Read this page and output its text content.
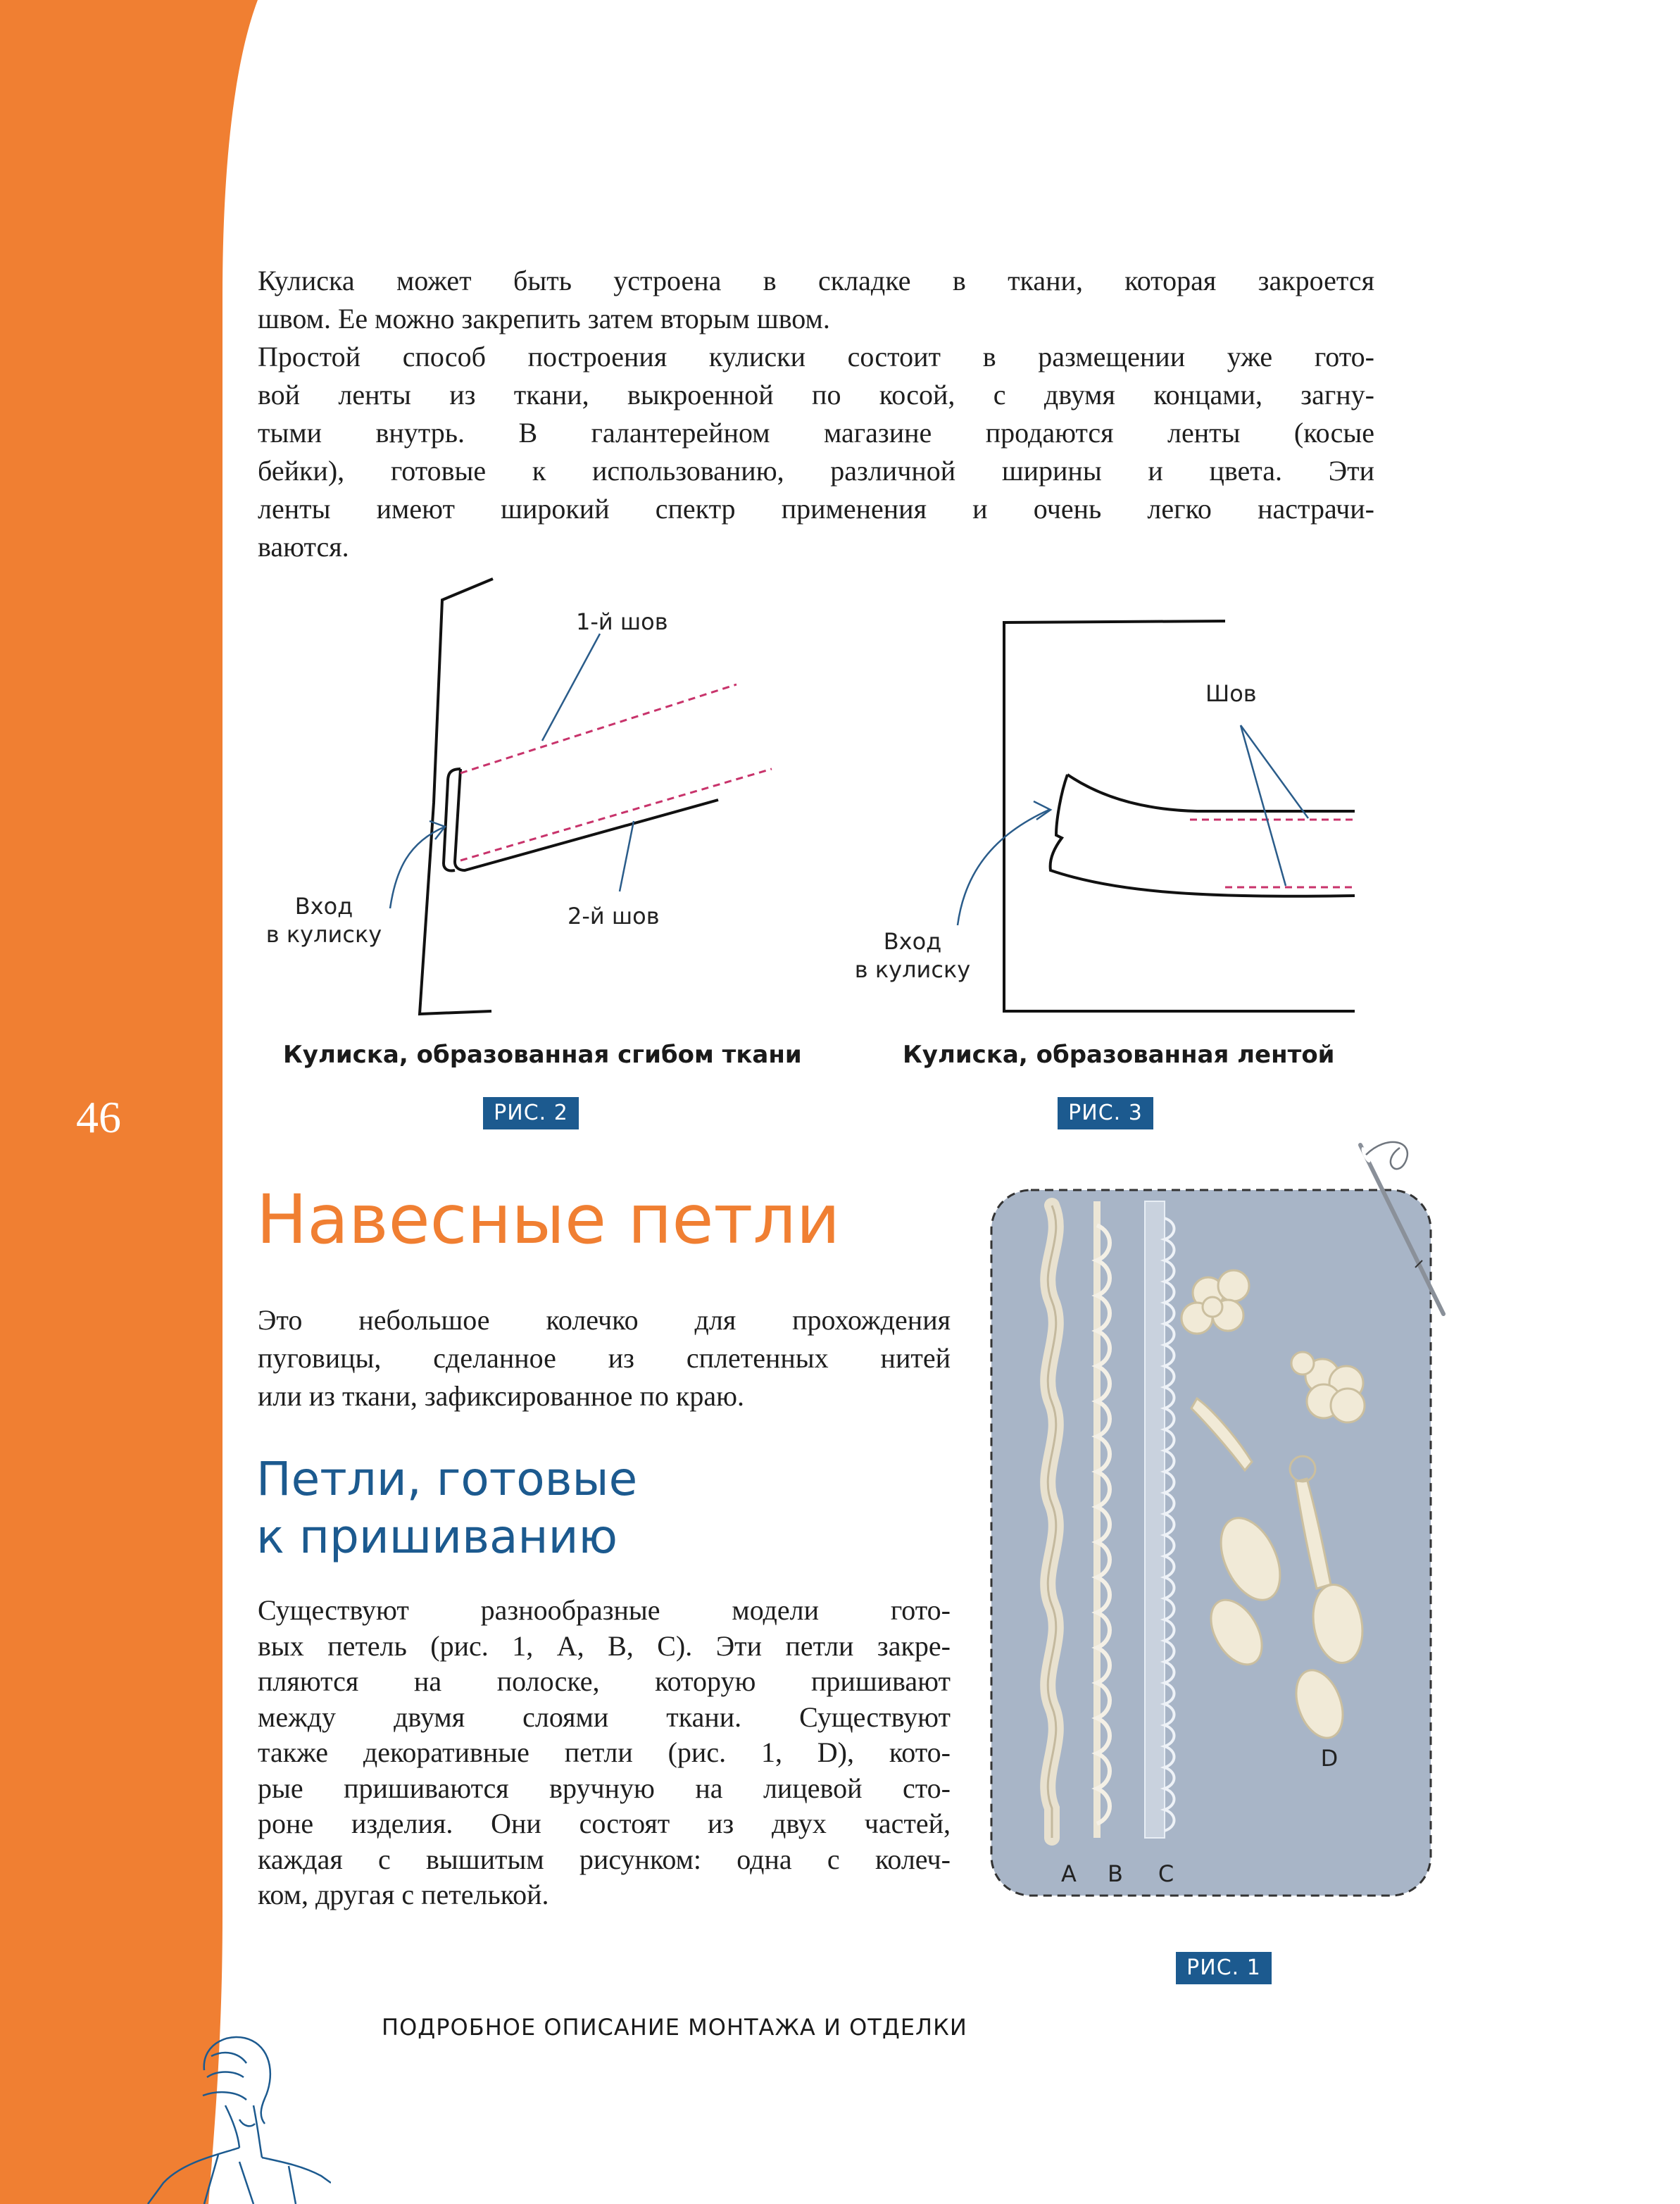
46

Кулиска может быть устроена в складке в ткани, которая закроется

швом. Ее можно закрепить затем вторым швом.

Простой способ построения кулиски состоит в размещении уже гото-

вой ленты из ткани, выкроенной по косой, с двумя концами, загну-

тыми внутрь. В галантерейном магазине продаются ленты (косые

бейки), готовые к использованию, различной ширины и цвета. Эти

ленты имеют широкий спектр применения и очень легко настрачи-

ваются.

1-й шов
2-й шов
Вход
в кулиску
Шов
Вход
в кулиску
Кулиска, образованная сгибом ткани
РИС. 2
Кулиска, образованная лентой
РИС. 3
Навесные петли

Это небольшое колечко для прохождения

пуговицы, сделанное из сплетенных нитей

или из ткани, зафиксированное по краю.

Петли, готовые
к пришиванию

Существуют разнообразные модели гото-

вых петель (рис. 1, A, B, C). Эти петли закре-

пляются на полоске, которую пришивают

между двумя слоями ткани. Существуют

также декоративные петли (рис. 1, D), кото-

рые пришиваются вручную на лицевой сто-

роне изделия. Они состоят из двух частей,

каждая с вышитым рисунком: одна с колеч-

ком, другая с петелькой.

A B C
D
РИС. 1
ПОДРОБНОЕ ОПИСАНИЕ МОНТАЖА И ОТДЕЛКИ
